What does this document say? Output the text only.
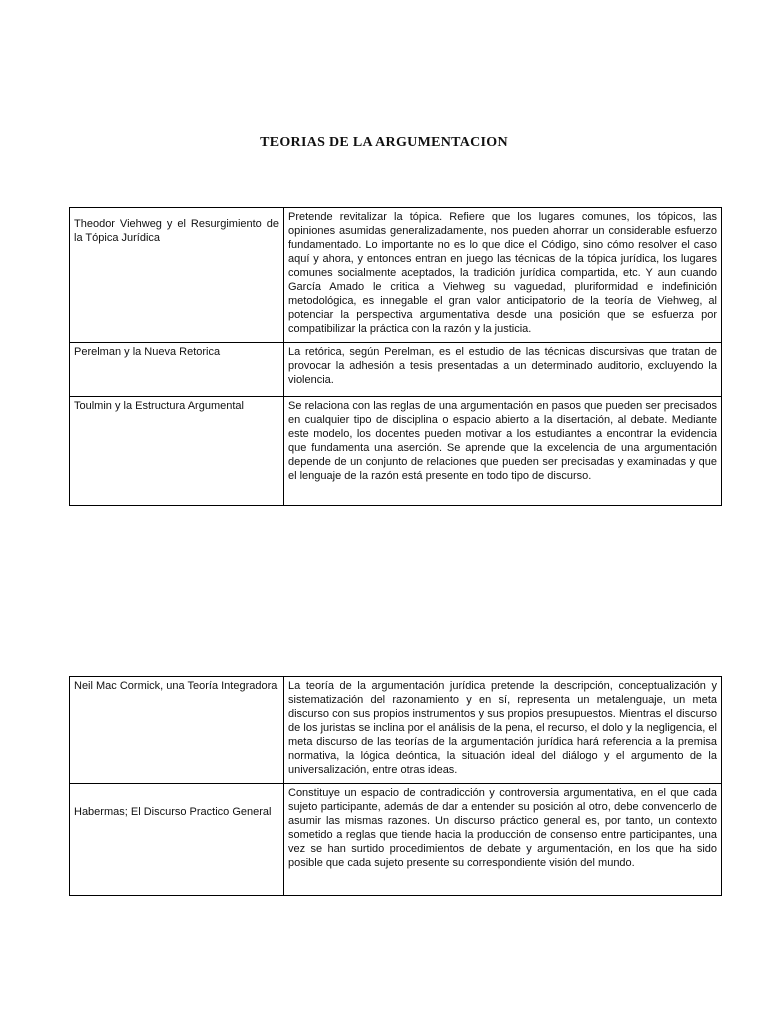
TEORIAS DE LA ARGUMENTACION
Theodor Viehweg y el Resurgimiento de la Tópica Jurídica	Pretende revitalizar la tópica. Refiere que los lugares comunes, los tópicos, las opiniones asumidas generalizadamente, nos pueden ahorrar un considerable esfuerzo fundamentado. Lo importante no es lo que dice el Código, sino cómo resolver el caso aquí y ahora, y entonces entran en juego las técnicas de la tópica jurídica, los lugares comunes socialmente aceptados, la tradición jurídica compartida, etc. Y aun cuando García Amado le critica a Viehweg su vaguedad, pluriformidad e indefinición metodológica, es innegable el gran valor anticipatorio de la teoría de Viehweg, al potenciar la perspectiva argumentativa desde una posición que se esfuerza por compatibilizar la práctica con la razón y la justicia.
Perelman y la Nueva Retorica	La retórica, según Perelman, es el estudio de las técnicas discursivas que tratan de provocar la adhesión a tesis presentadas a un determinado auditorio, excluyendo la violencia.
Toulmin y la Estructura Argumental	Se relaciona con las reglas de una argumentación en pasos que pueden ser precisados en cualquier tipo de disciplina o espacio abierto a la disertación, al debate. Mediante este modelo, los docentes pueden motivar a los estudiantes a encontrar la evidencia que fundamenta una aserción. Se aprende que la excelencia de una argumentación depende de un conjunto de relaciones que pueden ser precisadas y examinadas y que el lenguaje de la razón está presente en todo tipo de discurso.
Neil Mac Cormick, una Teoría Integradora	La teoría de la argumentación jurídica pretende la descripción, conceptualización y sistematización del razonamiento y en sí, representa un metalenguaje, un meta discurso con sus propios instrumentos y sus propios presupuestos. Mientras el discurso de los juristas se inclina por el análisis de la pena, el recurso, el dolo y la negligencia, el meta discurso de las teorías de la argumentación jurídica hará referencia a la premisa normativa, la lógica deóntica, la situación ideal del diálogo y el argumento de la universalización, entre otras ideas.
Habermas; El Discurso Practico General	Constituye un espacio de contradicción y controversia argumentativa, en el que cada sujeto participante, además de dar a entender su posición al otro, debe convencerlo de asumir las mismas razones. Un discurso práctico general es, por tanto, un contexto sometido a reglas que tiende hacia la producción de consenso entre participantes, una vez se han surtido procedimientos de debate y argumentación, en los que ha sido posible que cada sujeto presente su correspondiente visión del mundo.
